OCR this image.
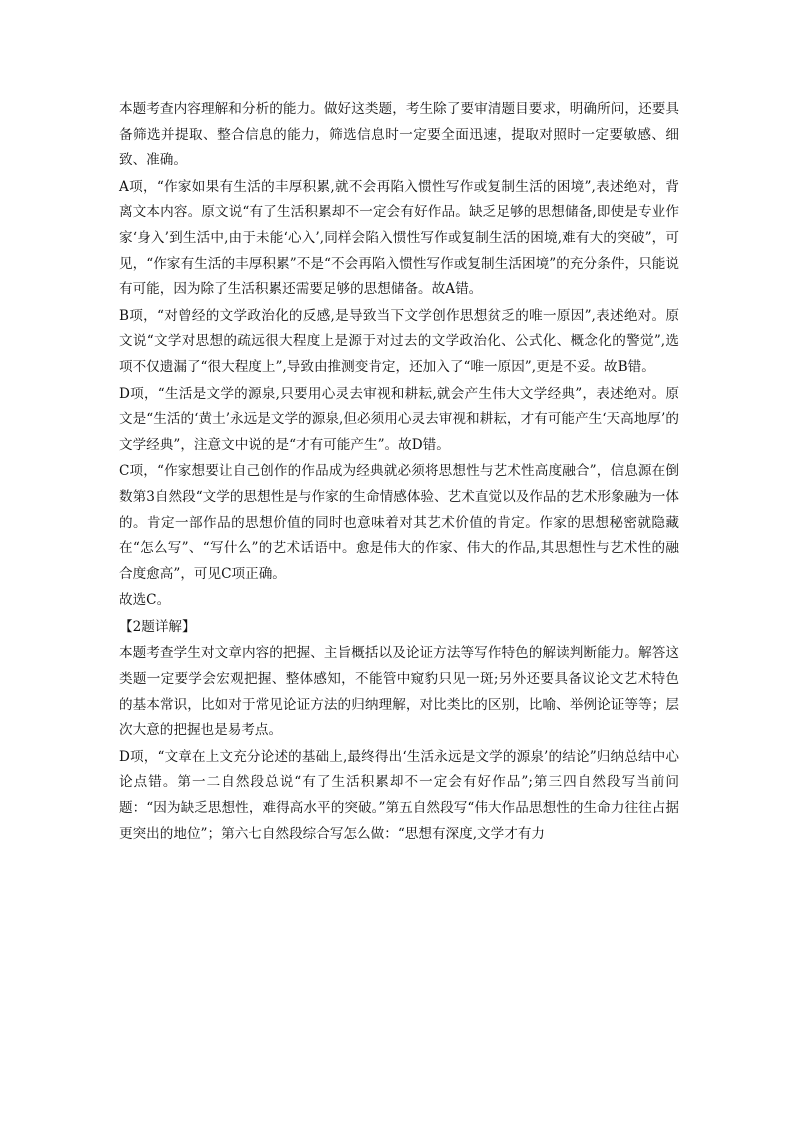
本题考查内容理解和分析的能力。做好这类题，考生除了要审清题目要求，明确所问，还要具备筛选并提取、整合信息的能力，筛选信息时一定要全面迅速，提取对照时一定要敏感、细致、准确。

A项，“作家如果有生活的丰厚积累,就不会再陷入惯性写作或复制生活的困境”,表述绝对，背离文本内容。原文说“有了生活积累却不一定会有好作品。缺乏足够的思想储备,即使是专业作家‘身入’到生活中,由于未能‘心入’,同样会陷入惯性写作或复制生活的困境,难有大的突破”，可见，“作家有生活的丰厚积累”不是“不会再陷入惯性写作或复制生活困境”的充分条件，只能说有可能，因为除了生活积累还需要足够的思想储备。故A错。

B项，“对曾经的文学政治化的反感,是导致当下文学创作思想贫乏的唯一原因”,表述绝对。原文说“文学对思想的疏远很大程度上是源于对过去的文学政治化、公式化、概念化的警觉”,选项不仅遗漏了“很大程度上”,导致由推测变肯定，还加入了“唯一原因”,更是不妥。故B错。

D项，“生活是文学的源泉,只要用心灵去审视和耕耘,就会产生伟大文学经典”，表述绝对。原文是“生活的‘黄土’永远是文学的源泉,但必须用心灵去审视和耕耘，才有可能产生‘天高地厚’的文学经典”，注意文中说的是“才有可能产生”。故D错。

C项，“作家想要让自己创作的作品成为经典就必须将思想性与艺术性高度融合”，信息源在倒数第3自然段“文学的思想性是与作家的生命情感体验、艺术直觉以及作品的艺术形象融为一体的。肯定一部作品的思想价值的同时也意味着对其艺术价值的肯定。作家的思想秘密就隐藏在“怎么写”、“写什么”的艺术话语中。愈是伟大的作家、伟大的作品,其思想性与艺术性的融合度愈高”，可见C项正确。

故选C。

【2题详解】

本题考查学生对文章内容的把握、主旨概括以及论证方法等写作特色的解读判断能力。解答这类题一定要学会宏观把握、整体感知，不能管中窥豹只见一斑;另外还要具备议论文艺术特色的基本常识，比如对于常见论证方法的归纳理解，对比类比的区别，比喻、举例论证等等；层次大意的把握也是易考点。

D项，“文章在上文充分论述的基础上,最终得出‘生活永远是文学的源泉’的结论”归纳总结中心论点错。第一二自然段总说“有了生活积累却不一定会有好作品”;第三四自然段写当前问题：“因为缺乏思想性，难得高水平的突破。”第五自然段写“伟大作品思想性的生命力往往占据更突出的地位”；第六七自然段综合写怎么做：“思想有深度,文学才有力
